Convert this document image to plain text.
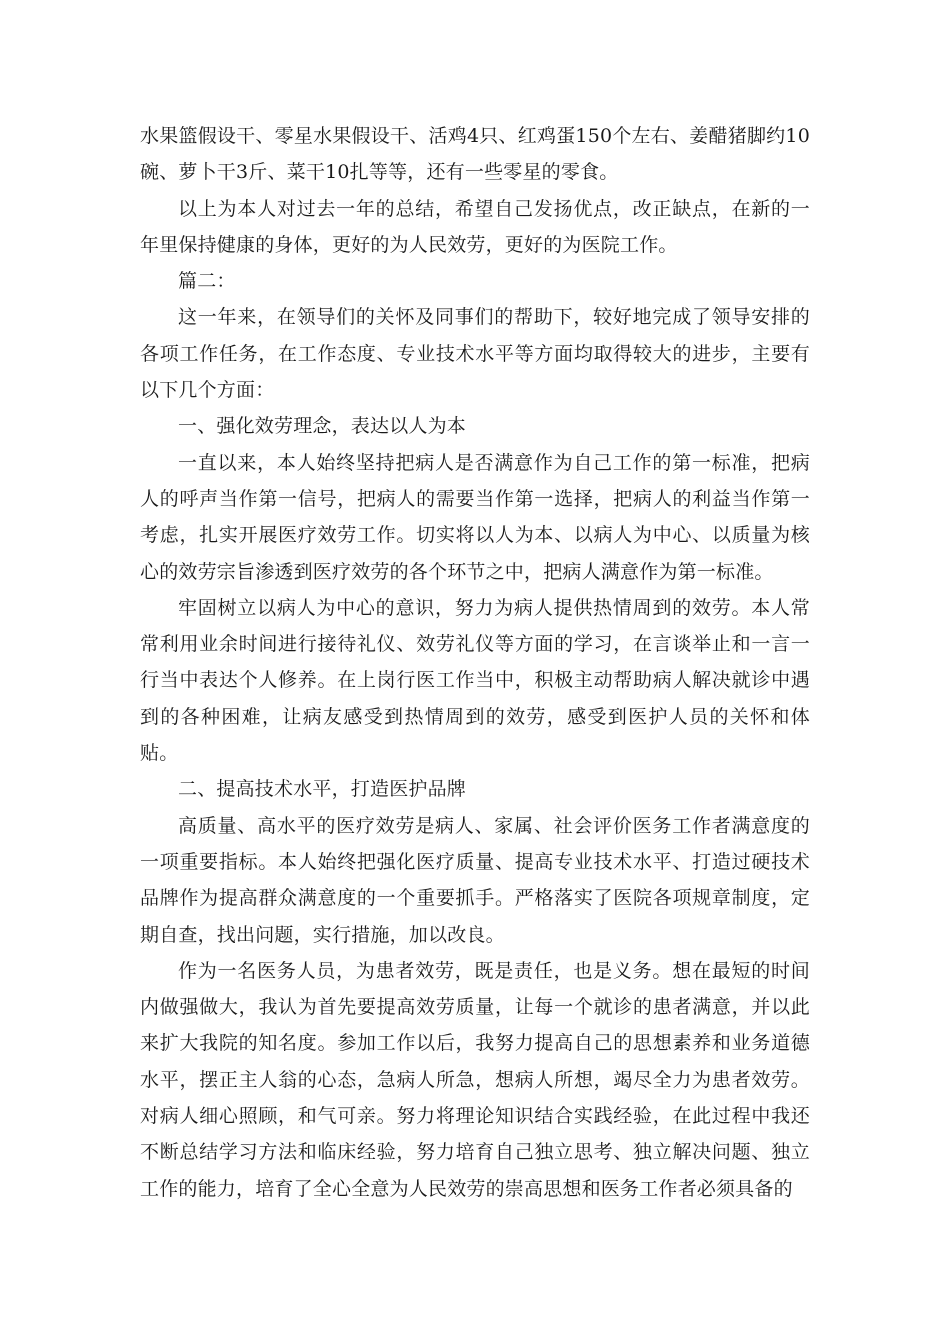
水果篮假设干、零星水果假设干、活鸡4只、红鸡蛋150个左右、姜醋猪脚约10碗、萝卜干3斤、菜干10扎等等，还有一些零星的零食。

以上为本人对过去一年的总结，希望自己发扬优点，改正缺点，在新的一年里保持健康的身体，更好的为人民效劳，更好的为医院工作。

篇二：

这一年来，在领导们的关怀及同事们的帮助下，较好地完成了领导安排的各项工作任务，在工作态度、专业技术水平等方面均取得较大的进步，主要有以下几个方面：

一、强化效劳理念，表达以人为本

一直以来，本人始终坚持把病人是否满意作为自己工作的第一标准，把病人的呼声当作第一信号，把病人的需要当作第一选择，把病人的利益当作第一考虑，扎实开展医疗效劳工作。切实将以人为本、以病人为中心、以质量为核心的效劳宗旨渗透到医疗效劳的各个环节之中，把病人满意作为第一标准。

牢固树立以病人为中心的意识，努力为病人提供热情周到的效劳。本人常常利用业余时间进行接待礼仪、效劳礼仪等方面的学习，在言谈举止和一言一行当中表达个人修养。在上岗行医工作当中，积极主动帮助病人解决就诊中遇到的各种困难，让病友感受到热情周到的效劳，感受到医护人员的关怀和体贴。

二、提高技术水平，打造医护品牌

高质量、高水平的医疗效劳是病人、家属、社会评价医务工作者满意度的一项重要指标。本人始终把强化医疗质量、提高专业技术水平、打造过硬技术品牌作为提高群众满意度的一个重要抓手。严格落实了医院各项规章制度，定期自查，找出问题，实行措施，加以改良。

作为一名医务人员，为患者效劳，既是责任，也是义务。想在最短的时间内做强做大，我认为首先要提高效劳质量，让每一个就诊的患者满意，并以此来扩大我院的知名度。参加工作以后，我努力提高自己的思想素养和业务道德水平，摆正主人翁的心态，急病人所急，想病人所想，竭尽全力为患者效劳。对病人细心照顾，和气可亲。努力将理论知识结合实践经验，在此过程中我还不断总结学习方法和临床经验，努力培育自己独立思考、独立解决问题、独立工作的能力，培育了全心全意为人民效劳的崇高思想和医务工作者必须具备的
